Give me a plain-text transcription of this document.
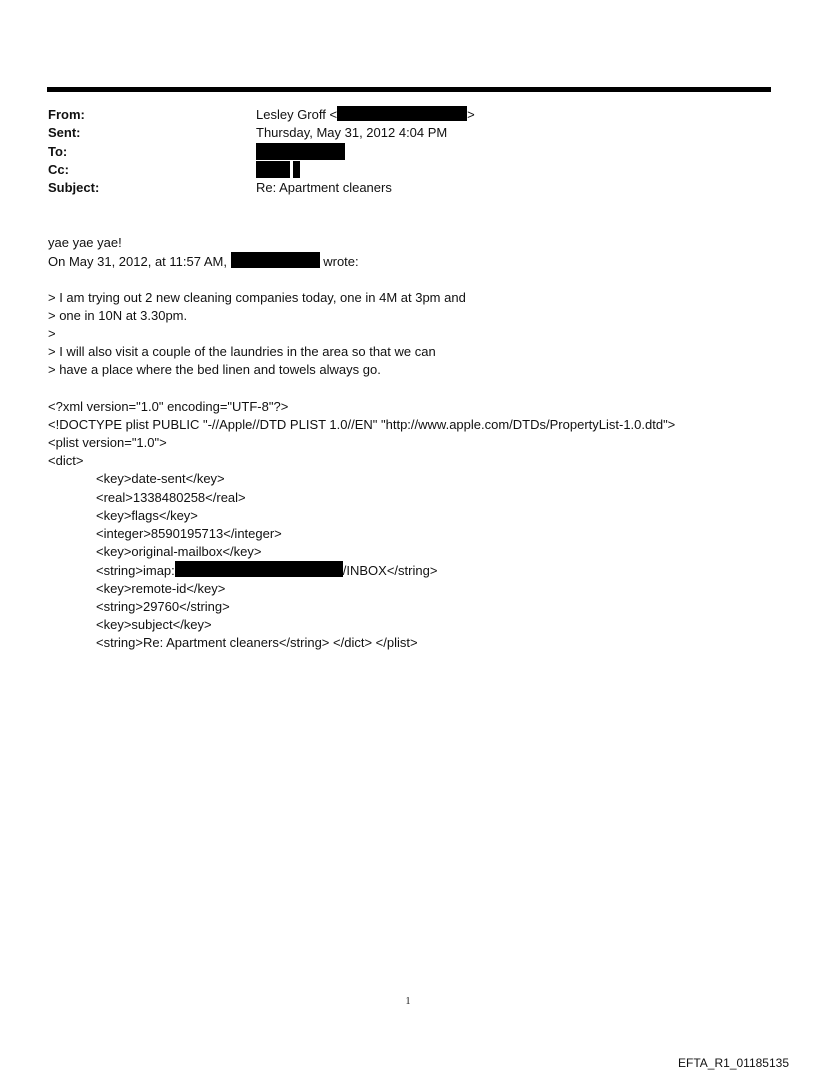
From:	Lesley Groff <	>
Sent:	Thursday, May 31, 2012 4:04 PM
To:
Cc:
Subject:	Re: Apartment cleaners
yae yae yae!
On May 31, 2012, at 11:57 AM,	wrote:
> I am trying out 2 new cleaning companies today, one in 4M at 3pm and
> one in 10N at 3.30pm.
>
> I will also visit a couple of the laundries in the area so that we can
> have a place where the bed linen and towels always go.
<?xml version="1.0" encoding="UTF-8"?>
<!DOCTYPE plist PUBLIC "-//Apple//DTD PLIST 1.0//EN" "http://www.apple.com/DTDs/PropertyList-1.0.dtd">
<plist version="1.0">
<dict>
<key>date-sent</key>
<real>1338480258</real>
<key>flags</key>
<integer>8590195713</integer>
<key>original-mailbox</key>
<string>imap:	/INBOX</string>
<key>remote-id</key>
<string>29760</string>
<key>subject</key>
<string>Re: Apartment cleaners</string> </dict> </plist>
1
EFTA_R1_01185135
